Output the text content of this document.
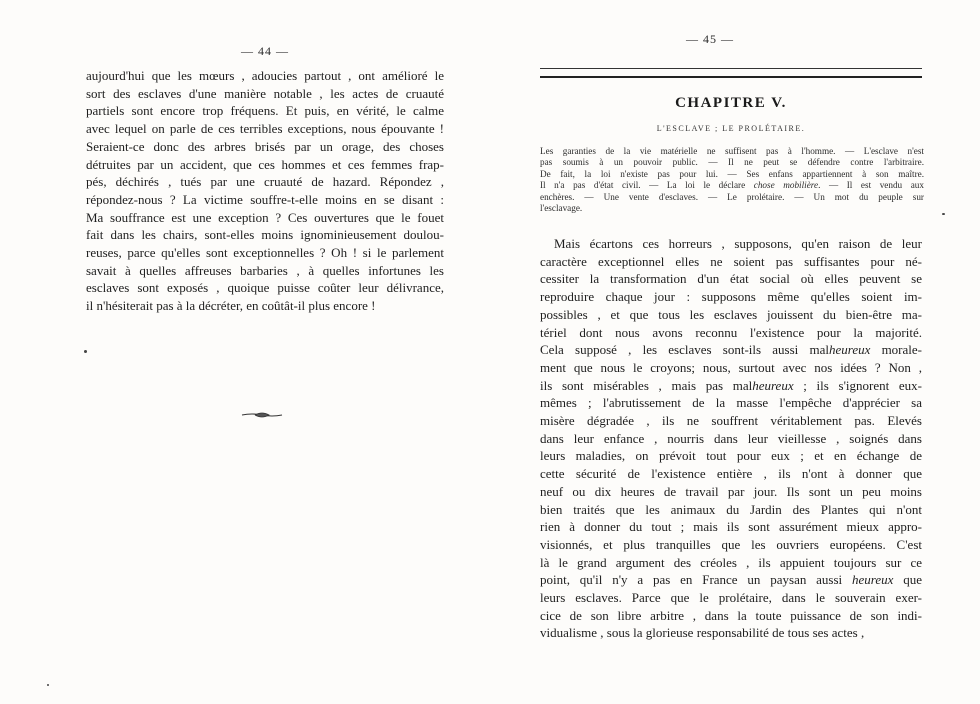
— 44 —

aujourd'hui que les mœurs , adoucies partout , ont amélioré le
sort des esclaves d'une manière notable , les actes de cruauté
partiels sont encore trop fréquens. Et puis, en vérité, le calme
avec lequel on parle de ces terribles exceptions, nous épouvante !
Seraient-ce donc des arbres brisés par un orage, des choses
détruites par un accident, que ces hommes et ces femmes frap-
pés, déchirés , tués par une cruauté de hazard. Répondez ,
répondez-nous ? La victime souffre-t-elle moins en se disant :
Ma souffrance est une exception ? Ces ouvertures que le fouet
fait dans les chairs, sont-elles moins ignominieusement doulou-
reuses, parce qu'elles sont exceptionnelles ? Oh ! si le parlement
savait à quelles affreuses barbaries , à quelles infortunes les
esclaves sont exposés , quoique puisse coûter leur délivrance,
il n'hésiterait pas à la décréter, en coûtât-il plus encore !

— 45 —
CHAPITRE V.
L'ESCLAVE ; LE PROLÉTAIRE.

Les garanties de la vie matérielle ne suffisent pas à l'homme. — L'esclave n'est
pas soumis à un pouvoir public. — Il ne peut se défendre contre l'arbitraire.
De fait, la loi n'existe pas pour lui. — Ses enfans appartiennent à son maître.
Il n'a pas d'état civil. — La loi le déclare chose mobilière. — Il est vendu aux
enchères. — Une vente d'esclaves. — Le prolétaire. — Un mot du peuple sur
l'esclavage.

Mais écartons ces horreurs , supposons, qu'en raison de leur
caractère exceptionnel elles ne soient pas suffisantes pour né-
cessiter la transformation d'un état social où elles peuvent se
reproduire chaque jour : supposons même qu'elles soient im-
possibles , et que tous les esclaves jouissent du bien-être ma-
tériel dont nous avons reconnu l'existence pour la majorité.
Cela supposé , les esclaves sont-ils aussi malheureux morale-
ment que nous le croyons; nous, surtout avec nos idées ? Non ,
ils sont misérables , mais pas malheureux ; ils s'ignorent eux-
mêmes ; l'abrutissement de la masse l'empêche d'apprécier sa
misère dégradée , ils ne souffrent véritablement pas. Elevés
dans leur enfance , nourris dans leur vieillesse , soignés dans
leurs maladies, on prévoit tout pour eux ; et en échange de
cette sécurité de l'existence entière , ils n'ont à donner que
neuf ou dix heures de travail par jour. Ils sont un peu moins
bien traités que les animaux du Jardin des Plantes qui n'ont
rien à donner du tout ; mais ils sont assurément mieux appro-
visionnés, et plus tranquilles que les ouvriers européens. C'est
là le grand argument des créoles , ils appuient toujours sur ce
point, qu'il n'y a pas en France un paysan aussi heureux que
leurs esclaves. Parce que le prolétaire, dans le souverain exer-
cice de son libre arbitre , dans la toute puissance de son indi-
vidualisme , sous la glorieuse responsabilité de tous ses actes ,
